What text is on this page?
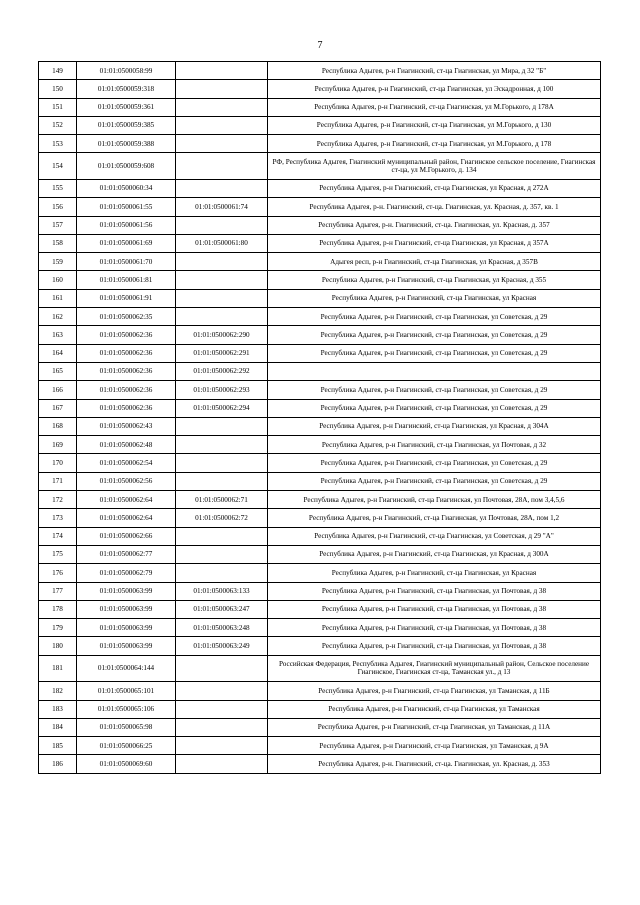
7
149	01:01:0500058:99		Республика Адыгея, р-н Гиагинский, ст-ца Гиагинская, ул Мира, д 32 "Б"
150	01:01:0500059:318		Республика Адыгея, р-н Гиагинский, ст-ца Гиагинская, ул Эскадронная, д 100
151	01:01:0500059:361		Республика Адыгея, р-н Гиагинский, ст-ца Гиагинская, ул М.Горького, д 178А
152	01:01:0500059:385		Республика Адыгея, р-н Гиагинский, ст-ца Гиагинская, ул М.Горького, д 130
153	01:01:0500059:388		Республика Адыгея, р-н Гиагинский, ст-ца Гиагинская, ул М.Горького, д 178
154	01:01:0500059:608		РФ, Республика Адыгея, Гиагинский муниципальный район, Гиагинское сельское поселение, Гиагинская ст-ца, ул М.Горького, д. 134
155	01:01:0500060:34		Республика Адыгея, р-н Гиагинский, ст-ца Гиагинская, ул Красная, д 272А
156	01:01:0500061:55	01:01:0500061:74	Республика Адыгея, р-н. Гиагинский, ст-ца. Гиагинская, ул. Красная, д. 357, кв. 1
157	01:01:0500061:56		Республика Адыгея, р-н. Гиагинский, ст-ца. Гиагинская, ул. Красная, д. 357
158	01:01:0500061:69	01:01:0500061:80	Республика Адыгея, р-н Гиагинский, ст-ца Гиагинская, ул Красная, д 357А
159	01:01:0500061:70		Адыгея респ, р-н Гиагинский, ст-ца Гиагинская, ул Красная, д 357В
160	01:01:0500061:81		Республика Адыгея, р-н Гиагинский, ст-ца Гиагинская, ул Красная, д 355
161	01:01:0500061:91		Республика Адыгея, р-н Гиагинский, ст-ца Гиагинская, ул Красная
162	01:01:0500062:35		Республика Адыгея, р-н Гиагинский, ст-ца Гиагинская, ул Советская, д 29
163	01:01:0500062:36	01:01:0500062:290	Республика Адыгея, р-н Гиагинский, ст-ца Гиагинская, ул Советская, д 29
164	01:01:0500062:36	01:01:0500062:291	Республика Адыгея, р-н Гиагинский, ст-ца Гиагинская, ул Советская, д 29
165	01:01:0500062:36	01:01:0500062:292	
166	01:01:0500062:36	01:01:0500062:293	Республика Адыгея, р-н Гиагинский, ст-ца Гиагинская, ул Советская, д 29
167	01:01:0500062:36	01:01:0500062:294	Республика Адыгея, р-н Гиагинский, ст-ца Гиагинская, ул Советская, д 29
168	01:01:0500062:43		Республика Адыгея, р-н Гиагинский, ст-ца Гиагинская, ул Красная, д 304А
169	01:01:0500062:48		Республика Адыгея, р-н Гиагинский, ст-ца Гиагинская, ул Почтовая, д 32
170	01:01:0500062:54		Республика Адыгея, р-н Гиагинский, ст-ца Гиагинская, ул Советская, д 29
171	01:01:0500062:56		Республика Адыгея, р-н Гиагинский, ст-ца Гиагинская, ул Советская, д 29
172	01:01:0500062:64	01:01:0500062:71	Республика Адыгея, р-н Гиагинский, ст-ца Гиагинская, ул Почтовая, 28А, пом 3,4,5,6
173	01:01:0500062:64	01:01:0500062:72	Республика Адыгея, р-н Гиагинский, ст-ца Гиагинская, ул Почтовая, 28А, пом 1,2
174	01:01:0500062:66		Республика Адыгея, р-н Гиагинский, ст-ца Гиагинская, ул Советская, д 29 "А"
175	01:01:0500062:77		Республика Адыгея, р-н Гиагинский, ст-ца Гиагинская, ул Красная, д 300А
176	01:01:0500062:79		Республика Адыгея, р-н Гиагинский, ст-ца Гиагинская, ул Красная
177	01:01:0500063:99	01:01:0500063:133	Республика Адыгея, р-н Гиагинский, ст-ца Гиагинская, ул Почтовая, д 38
178	01:01:0500063:99	01:01:0500063:247	Республика Адыгея, р-н Гиагинский, ст-ца Гиагинская, ул Почтовая, д 38
179	01:01:0500063:99	01:01:0500063:248	Республика Адыгея, р-н Гиагинский, ст-ца Гиагинская, ул Почтовая, д 38
180	01:01:0500063:99	01:01:0500063:249	Республика Адыгея, р-н Гиагинский, ст-ца Гиагинская, ул Почтовая, д 38
181	01:01:0500064:144		Российская Федерация, Республика Адыгея, Гиагинский муниципальный район, Сельское поселение Гиагинское, Гиагинская ст-ца, Таманская ул., д 13
182	01:01:0500065:101		Республика Адыгея, р-н Гиагинский, ст-ца Гиагинская, ул Таманская, д 11Б
183	01:01:0500065:106		Республика Адыгея, р-н Гиагинский, ст-ца Гиагинская, ул Таманская
184	01:01:0500065:98		Республика Адыгея, р-н Гиагинский, ст-ца Гиагинская, ул Таманская, д 11А
185	01:01:0500066:25		Республика Адыгея, р-н Гиагинский, ст-ца Гиагинская, ул Таманская, д 9А
186	01:01:0500069:60		Республика Адыгея, р-н. Гиагинский, ст-ца. Гиагинская, ул. Красная, д. 353
